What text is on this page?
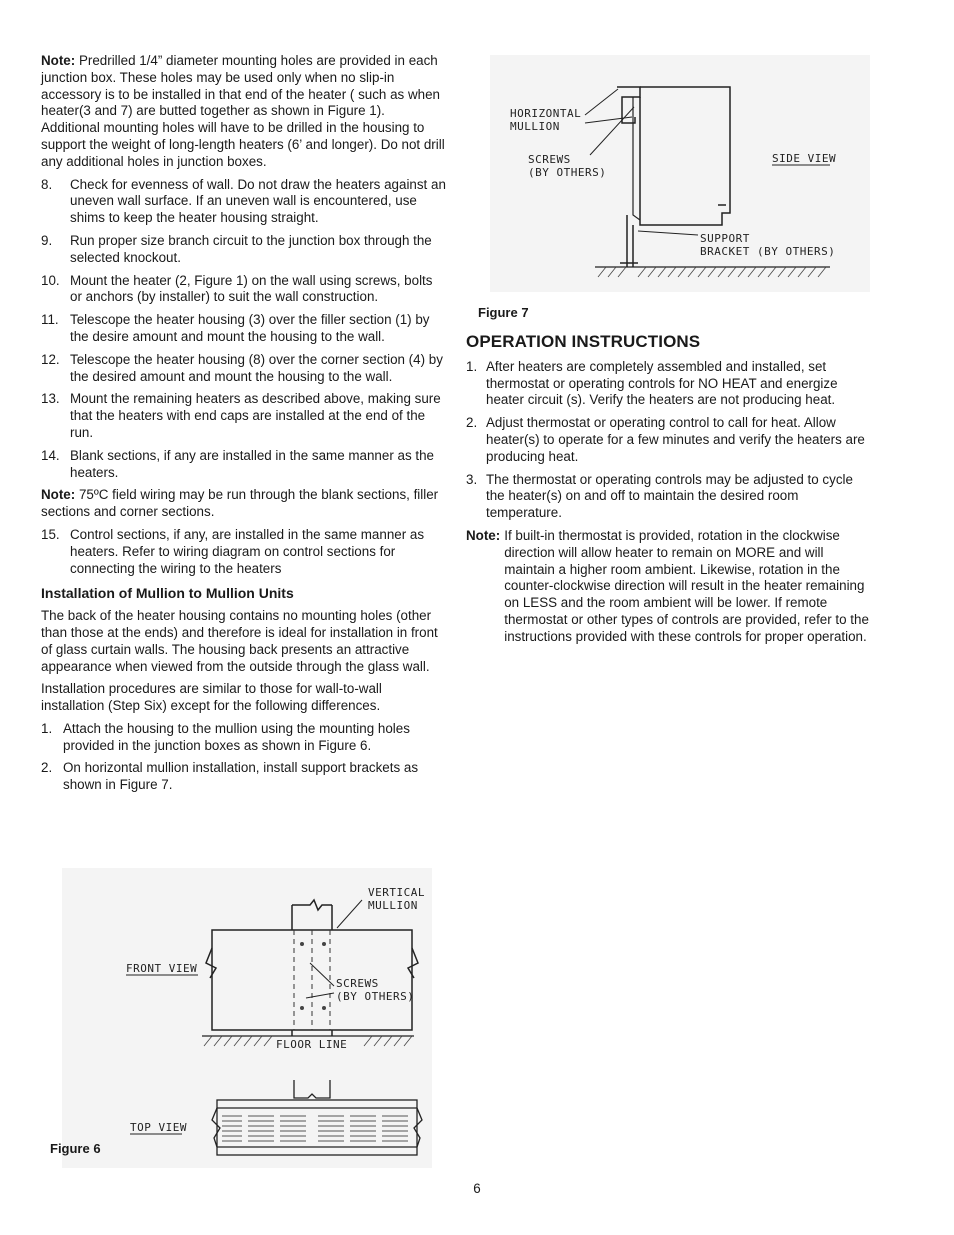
Note: Predrilled 1/4” diameter mounting holes are provided in each junction box. These holes may be used only when no slip-in accessory is to be installed in that end of the heater ( such as when heater(3 and 7) are butted together as shown in Figure 1). Additional mounting holes will have to be drilled in the housing to support the weight of long-length heaters (6’ and longer). Do not drill any additional holes in junction boxes.

8.	Check for evenness of wall. Do not draw the heaters against an uneven wall surface. If an uneven wall is encountered, use shims to keep the heater housing straight.
9.	Run proper size branch circuit to the junction box through the selected knockout.
10. Mount the heater (2, Figure 1) on the wall using screws, bolts or anchors (by installer) to suit the wall construction.
11. Telescope the heater housing (3) over the filler section (1) by the desire amount and mount the housing to the wall.
12. Telescope the heater housing (8) over the corner section (4) by the desired amount and mount the housing to the wall.
13. Mount the remaining heaters as described above, making sure that the heaters with end caps are installed at the end of the run.
14. Blank sections, if any are installed in the same manner as the heaters.

Note: 75ºC field wiring may be run through the blank sections, filler sections and corner sections.

15. Control sections, if any, are installed in the same manner as heaters. Refer to wiring diagram on control sections for connecting the wiring to the heaters
Installation of Mullion to Mullion Units

The back of the heater housing contains no mounting holes (other than those at the ends) and therefore is ideal for installation in front of glass curtain walls. The housing back presents an attractive appearance when viewed from the outside through the glass wall.

Installation procedures are similar to those for wall-to-wall installation (Step Six) except for the following differences.

1. Attach the housing to the mullion using the mounting holes provided in the junction boxes as shown in Figure 6.
2. On horizontal mullion installation, install support brackets as shown in Figure 7.
HORIZONTAL
MULLION
SCREWS
(BY OTHERS)
SIDE VIEW
SUPPORT
BRACKET (BY OTHERS)
Figure 7
OPERATION INSTRUCTIONS
1. After heaters are completely assembled and installed, set thermostat or operating controls for NO HEAT and energize heater circuit (s). Verify the heaters are not producing heat.
2. Adjust thermostat or operating control to call for heat. Allow heater(s) to operate for a few minutes and verify the heaters are producing heat.
3. The thermostat or operating controls may be adjusted to cycle the heater(s) on and off to maintain the desired room temperature.
Note: If built-in thermostat is provided, rotation in the clockwise direction will allow heater to remain on MORE and will maintain a higher room ambient. Likewise, rotation in the counter-clockwise direction will result in the heater remaining on LESS and the room ambient will be lower. If remote thermostat or other types of controls are provided, refer to the instructions provided with these controls for proper operation.
VERTICAL
MULLION
FRONT VIEW
SCREWS
(BY OTHERS)
FLOOR LINE
TOP VIEW
Figure 6
6
